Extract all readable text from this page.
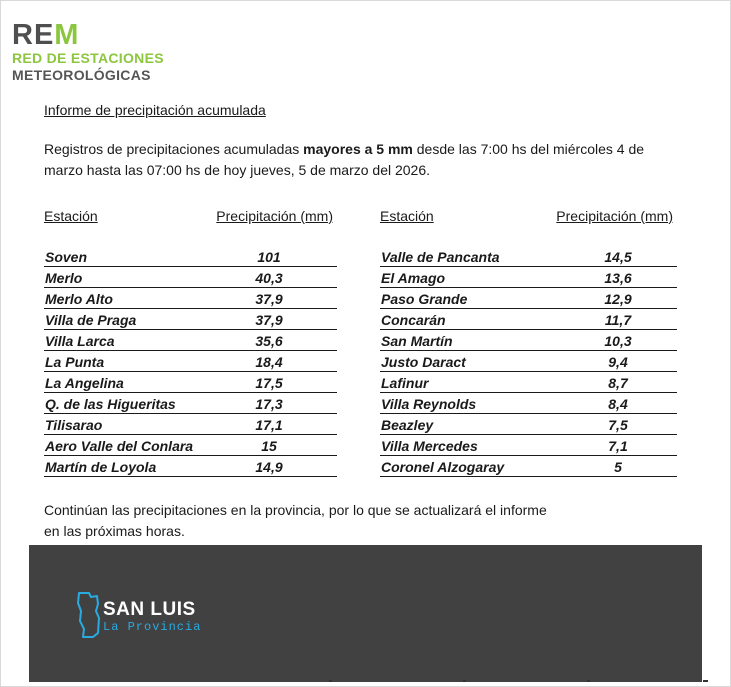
REM
RED DE ESTACIONES
METEOROLÓGICAS
Informe de precipitación acumulada
Registros de precipitaciones acumuladas mayores a 5 mm desde las 7:00 hs del miércoles 4 de marzo hasta las 07:00 hs de hoy jueves, 5 de marzo del 2026.
Estación	Precipitación (mm)
Soven	101
Merlo	40,3
Merlo Alto	37,9
Villa de Praga	37,9
Villa Larca	35,6
La Punta	18,4
La Angelina	17,5
Q. de las Higueritas	17,3
Tilisarao	17,1
Aero Valle del Conlara	15
Martín de Loyola	14,9
Estación	Precipitación (mm)
Valle de Pancanta	14,5
El Amago	13,6
Paso Grande	12,9
Concarán	11,7
San Martín	10,3
Justo Daract	9,4
Lafinur	8,7
Villa Reynolds	8,4
Beazley	7,5
Villa Mercedes	7,1
Coronel Alzogaray	5
Continúan las precipitaciones en la provincia, por lo que se actualizará el informe
en las próximas horas.
SAN LUIS
La Provincia
